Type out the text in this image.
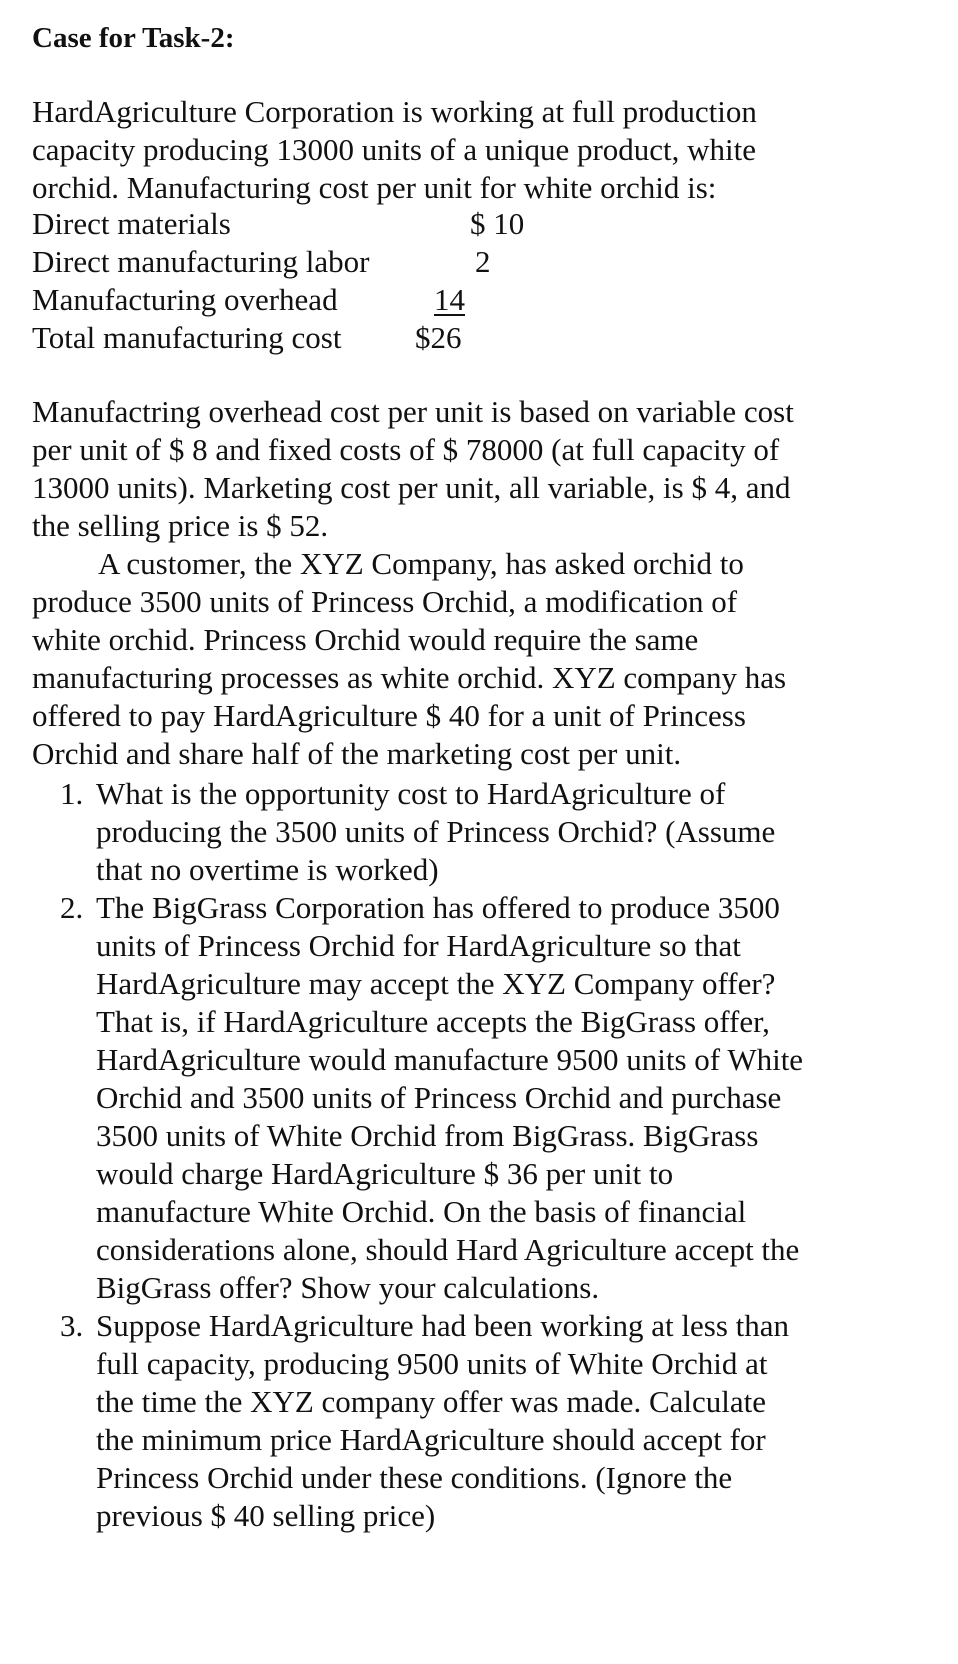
Case for Task-2:

HardAgriculture Corporation is working at full production
capacity producing 13000 units of a unique product, white
orchid. Manufacturing cost per unit for white orchid is:

Direct materials	$ 10
Direct manufacturing labor	2
Manufacturing overhead	14
Total manufacturing cost $26

Manufactring overhead cost per unit is based on variable cost
per unit of $ 8 and fixed costs of $ 78000 (at full capacity of
13000 units). Marketing cost per unit, all variable, is $ 4, and
the selling price is $ 52.

A customer, the XYZ Company, has asked orchid to
produce 3500 units of Princess Orchid, a modification of
white orchid. Princess Orchid would require the same
manufacturing processes as white orchid. XYZ company has
offered to pay HardAgriculture $ 40 for a unit of Princess
Orchid and share half of the marketing cost per unit.

1. What is the opportunity cost to HardAgriculture of
producing the 3500 units of Princess Orchid? (Assume
that no overtime is worked)
2. The BigGrass Corporation has offered to produce 3500
units of Princess Orchid for HardAgriculture so that
HardAgriculture may accept the XYZ Company offer?
That is, if HardAgriculture accepts the BigGrass offer,
HardAgriculture would manufacture 9500 units of White
Orchid and 3500 units of Princess Orchid and purchase
3500 units of White Orchid from BigGrass. BigGrass
would charge HardAgriculture $ 36 per unit to
manufacture White Orchid. On the basis of financial
considerations alone, should Hard Agriculture accept the
BigGrass offer? Show your calculations.
3. Suppose HardAgriculture had been working at less than
full capacity, producing 9500 units of White Orchid at
the time the XYZ company offer was made. Calculate
the minimum price HardAgriculture should accept for
Princess Orchid under these conditions. (Ignore the
previous $ 40 selling price)
